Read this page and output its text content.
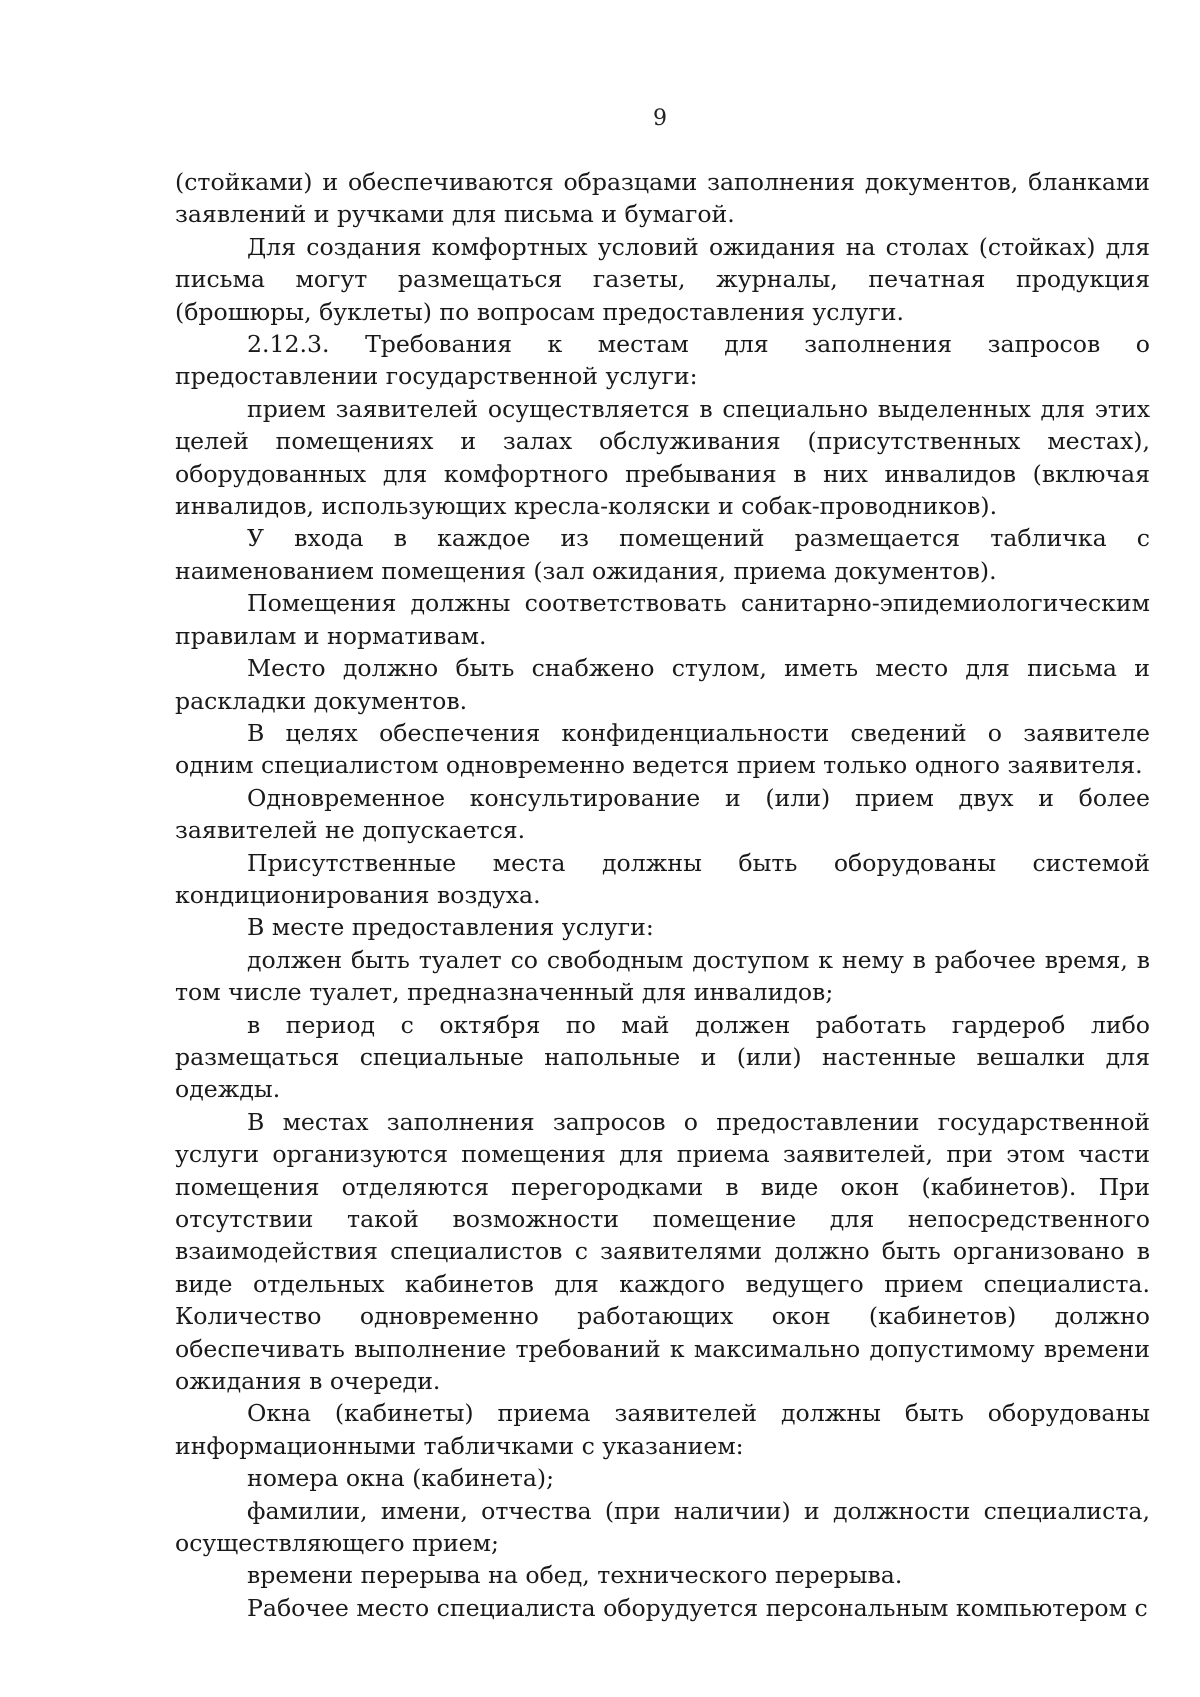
9

(стойками) и обеспечиваются образцами заполнения документов, бланками заявлений и ручками для письма и бумагой.

Для создания комфортных условий ожидания на столах (стойках) для письма могут размещаться газеты, журналы, печатная продукция (брошюры, буклеты) по вопросам предоставления услуги.

2.12.3. Требования к местам для заполнения запросов о предоставлении государственной услуги:

прием заявителей осуществляется в специально выделенных для этих целей помещениях и залах обслуживания (присутственных местах), оборудованных для комфортного пребывания в них инвалидов (включая инвалидов, использующих кресла-коляски и собак-проводников).

У входа в каждое из помещений размещается табличка с наименованием помещения (зал ожидания, приема документов).

Помещения должны соответствовать санитарно-эпидемиологическим правилам и нормативам.

Место должно быть снабжено стулом, иметь место для письма и раскладки документов.

В целях обеспечения конфиденциальности сведений о заявителе одним специалистом одновременно ведется прием только одного заявителя.

Одновременное консультирование и (или) прием двух и более заявителей не допускается.

Присутственные места должны быть оборудованы системой кондиционирования воздуха.

В месте предоставления услуги:

должен быть туалет со свободным доступом к нему в рабочее время, в том числе туалет, предназначенный для инвалидов;

в период с октября по май должен работать гардероб либо размещаться специальные напольные и (или) настенные вешалки для одежды.

В местах заполнения запросов о предоставлении государственной услуги организуются помещения для приема заявителей, при этом части помещения отделяются перегородками в виде окон (кабинетов). При отсутствии такой возможности помещение для непосредственного взаимодействия специалистов с заявителями должно быть организовано в виде отдельных кабинетов для каждого ведущего прием специалиста. Количество одновременно работающих окон (кабинетов) должно обеспечивать выполнение требований к максимально допустимому времени ожидания в очереди.

Окна (кабинеты) приема заявителей должны быть оборудованы информационными табличками с указанием:

номера окна (кабинета);

фамилии, имени, отчества (при наличии) и должности специалиста, осуществляющего прием;

времени перерыва на обед, технического перерыва.

Рабочее место специалиста оборудуется персональным компьютером с
